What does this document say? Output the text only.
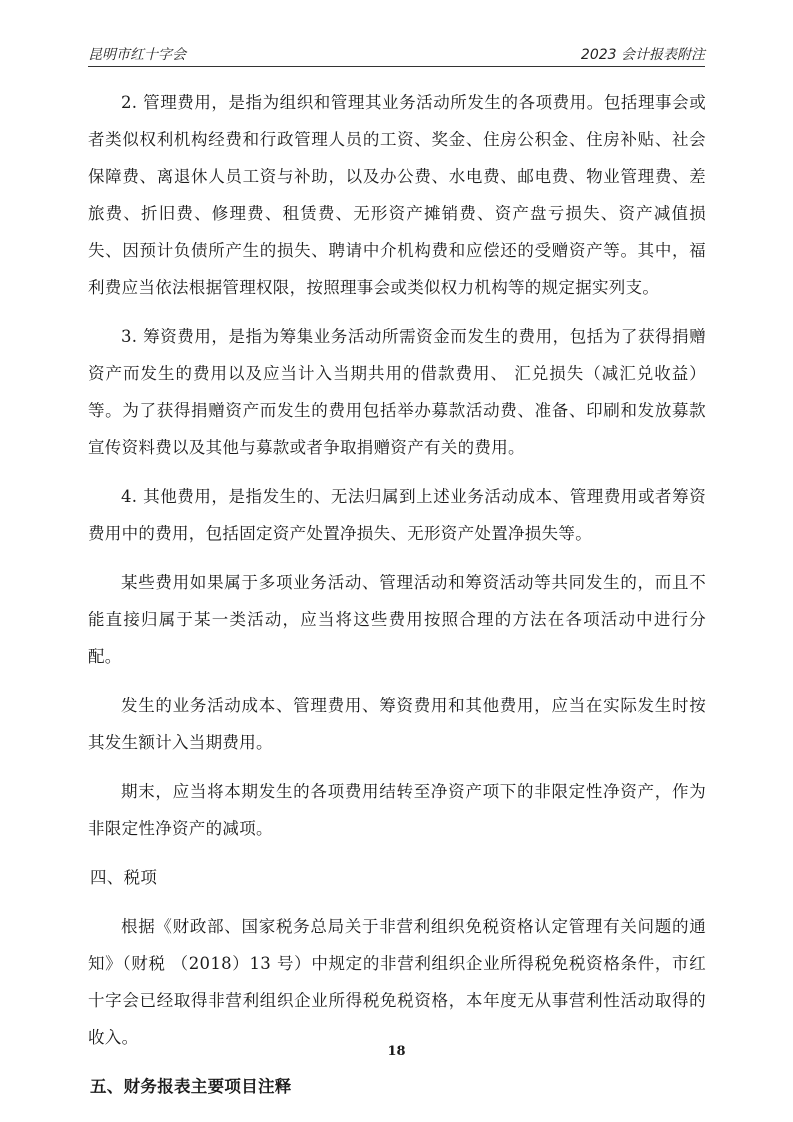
昆明市红十字会	2023 会计报表附注

2. 管理费用，是指为组织和管理其业务活动所发生的各项费用。包括理事会或者类似权利机构经费和行政管理人员的工资、奖金、住房公积金、住房补贴、社会保障费、离退休人员工资与补助，以及办公费、水电费、邮电费、物业管理费、差旅费、折旧费、修理费、租赁费、无形资产摊销费、资产盘亏损失、资产减值损失、因预计负债所产生的损失、聘请中介机构费和应偿还的受赠资产等。其中，福利费应当依法根据管理权限，按照理事会或类似权力机构等的规定据实列支。

3. 筹资费用，是指为筹集业务活动所需资金而发生的费用，包括为了获得捐赠资产而发生的费用以及应当计入当期共用的借款费用、 汇兑损失（减汇兑收益）等。为了获得捐赠资产而发生的费用包括举办募款活动费、准备、印刷和发放募款宣传资料费以及其他与募款或者争取捐赠资产有关的费用。

4. 其他费用，是指发生的、无法归属到上述业务活动成本、管理费用或者筹资费用中的费用，包括固定资产处置净损失、无形资产处置净损失等。

某些费用如果属于多项业务活动、管理活动和筹资活动等共同发生的，而且不能直接归属于某一类活动，应当将这些费用按照合理的方法在各项活动中进行分配。

发生的业务活动成本、管理费用、筹资费用和其他费用，应当在实际发生时按其发生额计入当期费用。

期末，应当将本期发生的各项费用结转至净资产项下的非限定性净资产，作为非限定性净资产的减项。

四、税项

根据《财政部、国家税务总局关于非营利组织免税资格认定管理有关问题的通知》（财税 （2018）13 号）中规定的非营利组织企业所得税免税资格条件，市红十字会已经取得非营利组织企业所得税免税资格，本年度无从事营利性活动取得的收入。

五、财务报表主要项目注释

18
